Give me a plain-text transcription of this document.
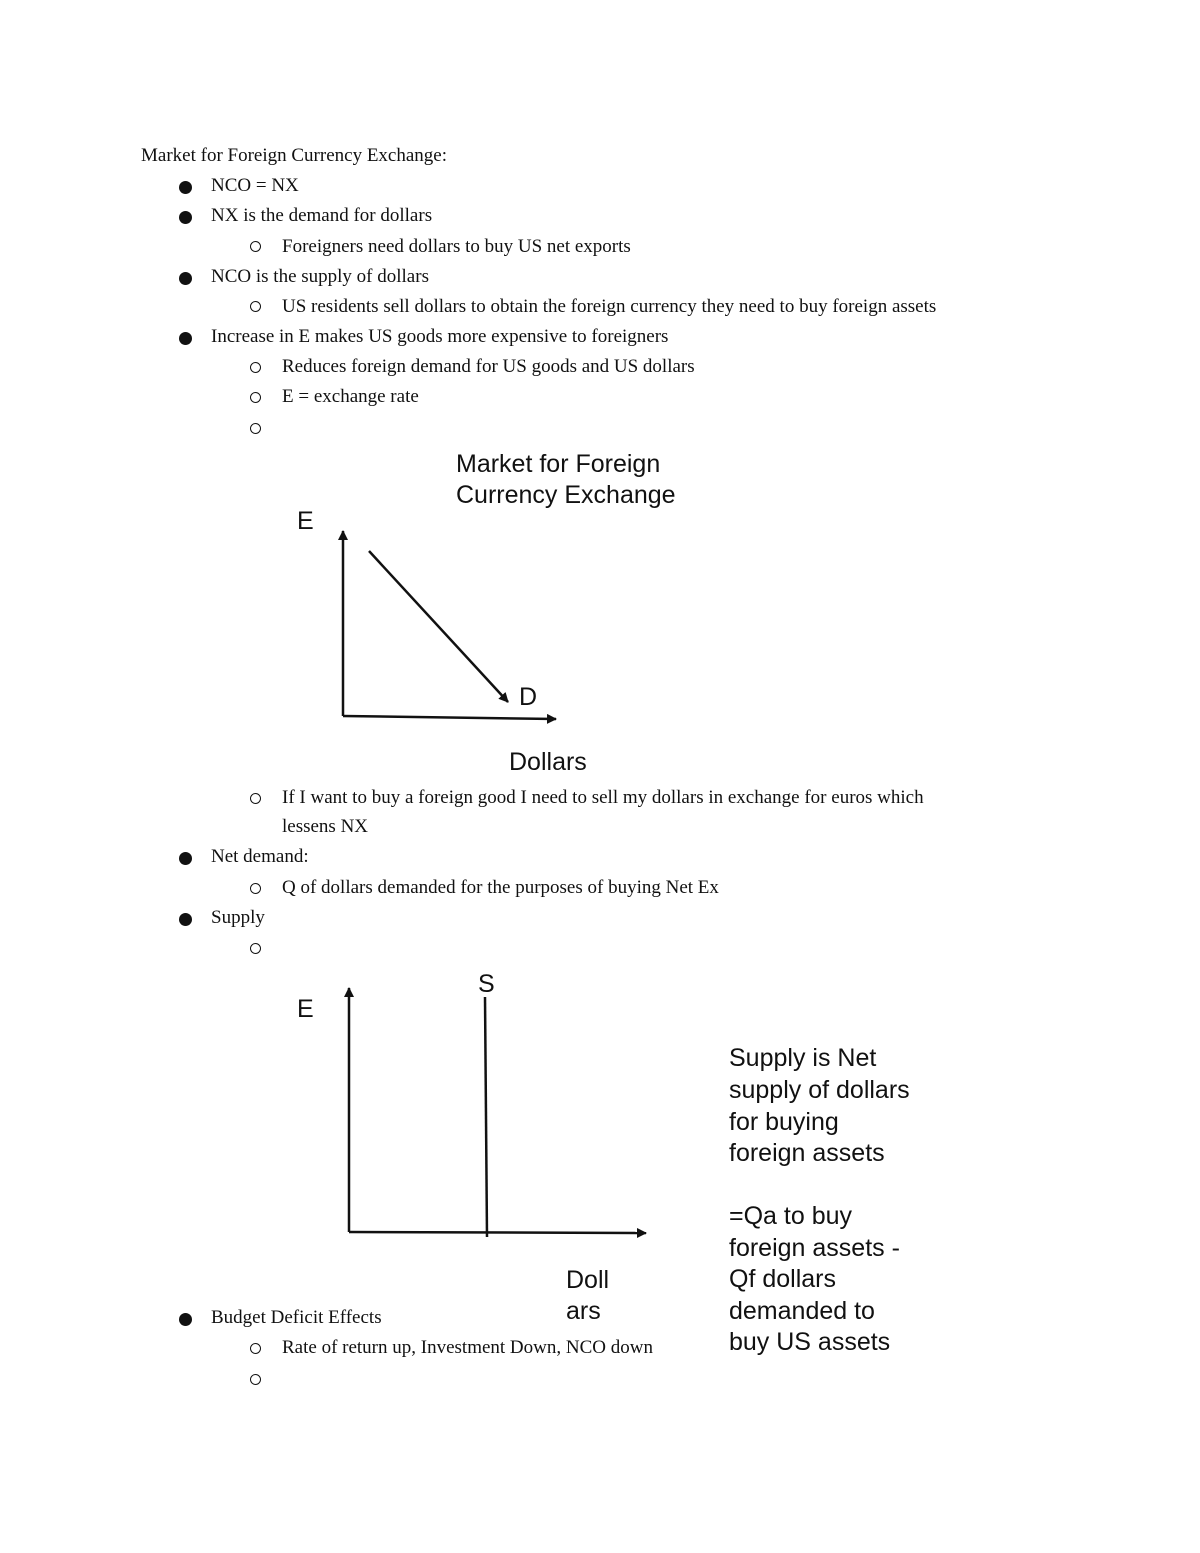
Market for Foreign Currency Exchange:
NCO = NX
NX is the demand for dollars
Foreigners need dollars to buy US net exports
NCO is the supply of dollars
US residents sell dollars to obtain the foreign currency they need to buy foreign assets
Increase in E makes US goods more expensive to foreigners
Reduces foreign demand for US goods and US dollars
E = exchange rate
Market for Foreign
Currency Exchange
E
D
Dollars
If I want to buy a foreign good I need to sell my dollars in exchange for euros which
lessens NX
Net demand:
Q of dollars demanded for the purposes of buying Net Ex
Supply
S
E
Doll
ars
Supply is Net
supply of dollars
for buying
foreign assets
=Qa to buy
foreign assets -
Qf dollars
demanded to
buy US assets
Budget Deficit Effects
Rate of return up, Investment Down, NCO down
